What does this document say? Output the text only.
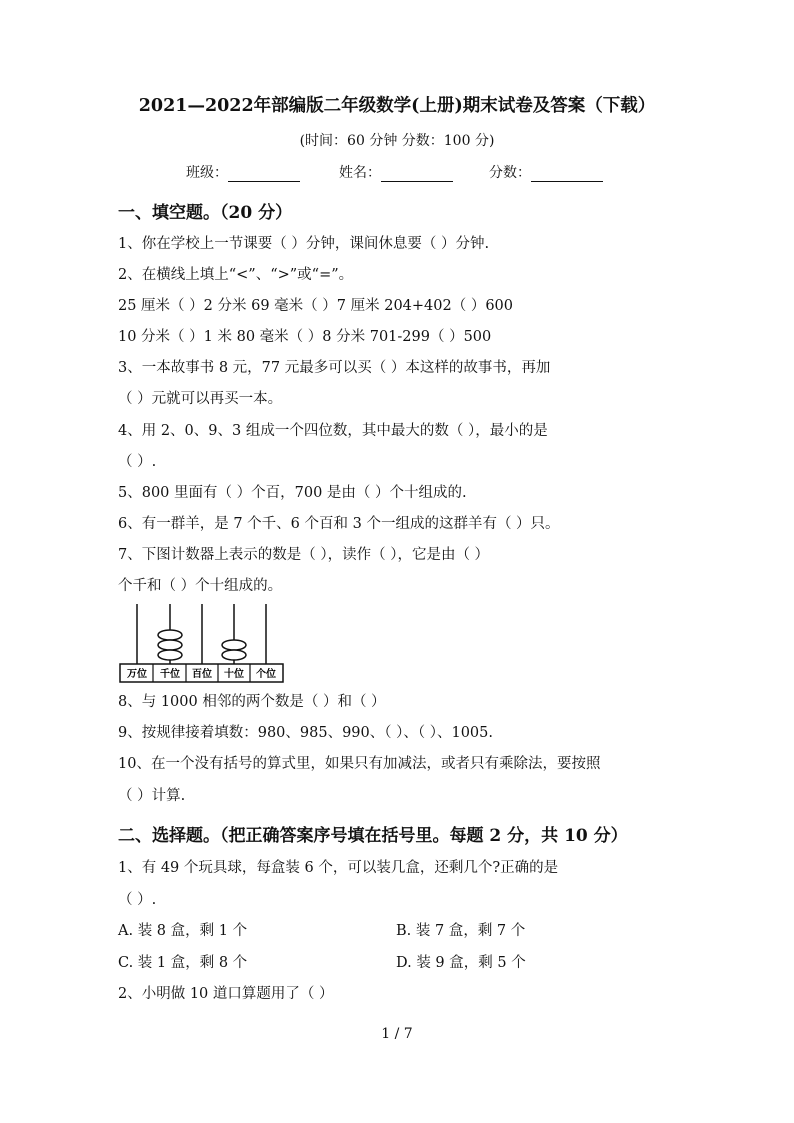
2021—2022年部编版二年级数学(上册)期末试卷及答案（下载）
(时间：60 分钟 分数：100 分)
班级：	姓名：	分数：
一、填空题。（20 分）
1、你在学校上一节课要（ ）分钟，课间休息要（ ）分钟.
2、在横线上填上“<”、“>”或“=”。
25 厘米（ ）2 分米 69 毫米（ ）7 厘米 204+402（ ）600
10 分米（ ）1 米 80 毫米（ ）8 分米 701-299（ ）500
3、一本故事书 8 元，77 元最多可以买（ ）本这样的故事书，再加
（ ）元就可以再买一本。
4、用 2、0、9、3 组成一个四位数，其中最大的数（ ），最小的是
（ ）.
5、800 里面有（ ）个百，700 是由（ ）个十组成的.
6、有一群羊，是 7 个千、6 个百和 3 个一组成的这群羊有（ ）只。
7、下图计数器上表示的数是（ ），读作（ ），它是由（ ）
个千和（ ）个十组成的。
万位 千位 百位 十位 个位
8、与 1000 相邻的两个数是（ ）和（ ）
9、按规律接着填数：980、985、990、（ ）、（ ）、1005.
10、在一个没有括号的算式里，如果只有加减法，或者只有乘除法，要按照
（ ）计算.
二、选择题。（把正确答案序号填在括号里。每题 2 分，共 10 分）
1、有 49 个玩具球，每盒装 6 个，可以装几盒，还剩几个?正确的是
（ ）.
A. 装 8 盒，剩 1 个	B. 装 7 盒，剩 7 个
C. 装 1 盒，剩 8 个	D. 装 9 盒，剩 5 个
2、小明做 10 道口算题用了（ ）
1 / 7
